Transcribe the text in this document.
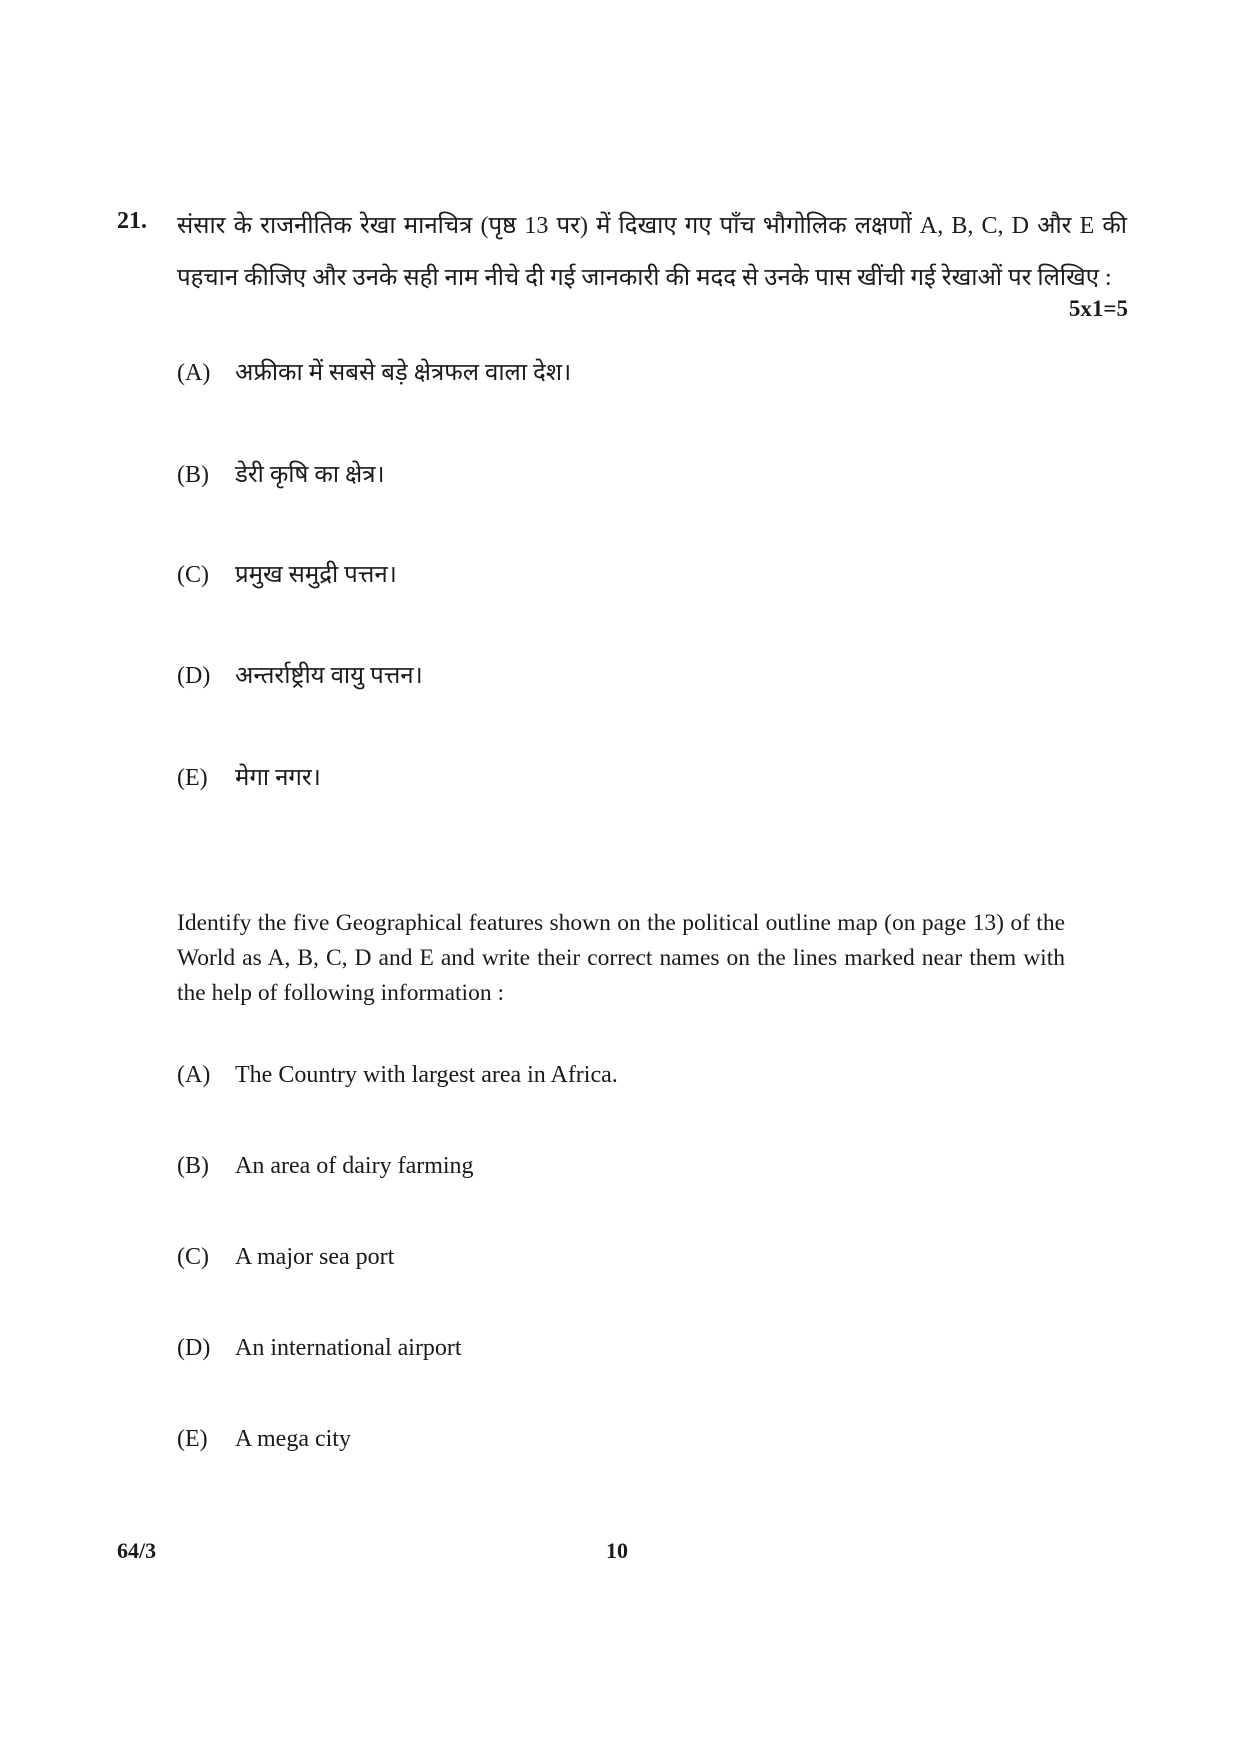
21. संसार के राजनीतिक रेखा मानचित्र (पृष्ठ 13 पर) में दिखाए गए पाँच भौगोलिक लक्षणों A, B, C, D और E की पहचान कीजिए और उनके सही नाम नीचे दी गई जानकारी की मदद से उनके पास खींची गई रेखाओं पर लिखिए :
5x1=5
(A) अफ्रीका में सबसे बड़े क्षेत्रफल वाला देश।
(B) डेरी कृषि का क्षेत्र।
(C) प्रमुख समुद्री पत्तन।
(D) अन्तर्राष्ट्रीय वायु पत्तन।
(E) मेगा नगर।
Identify the five Geographical features shown on the political outline map (on page 13) of the World as A, B, C, D and E and write their correct names on the lines marked near them with the help of following information :
(A) The Country with largest area in Africa.
(B) An area of dairy farming
(C) A major sea port
(D) An international airport
(E) A mega city
64/3	10
